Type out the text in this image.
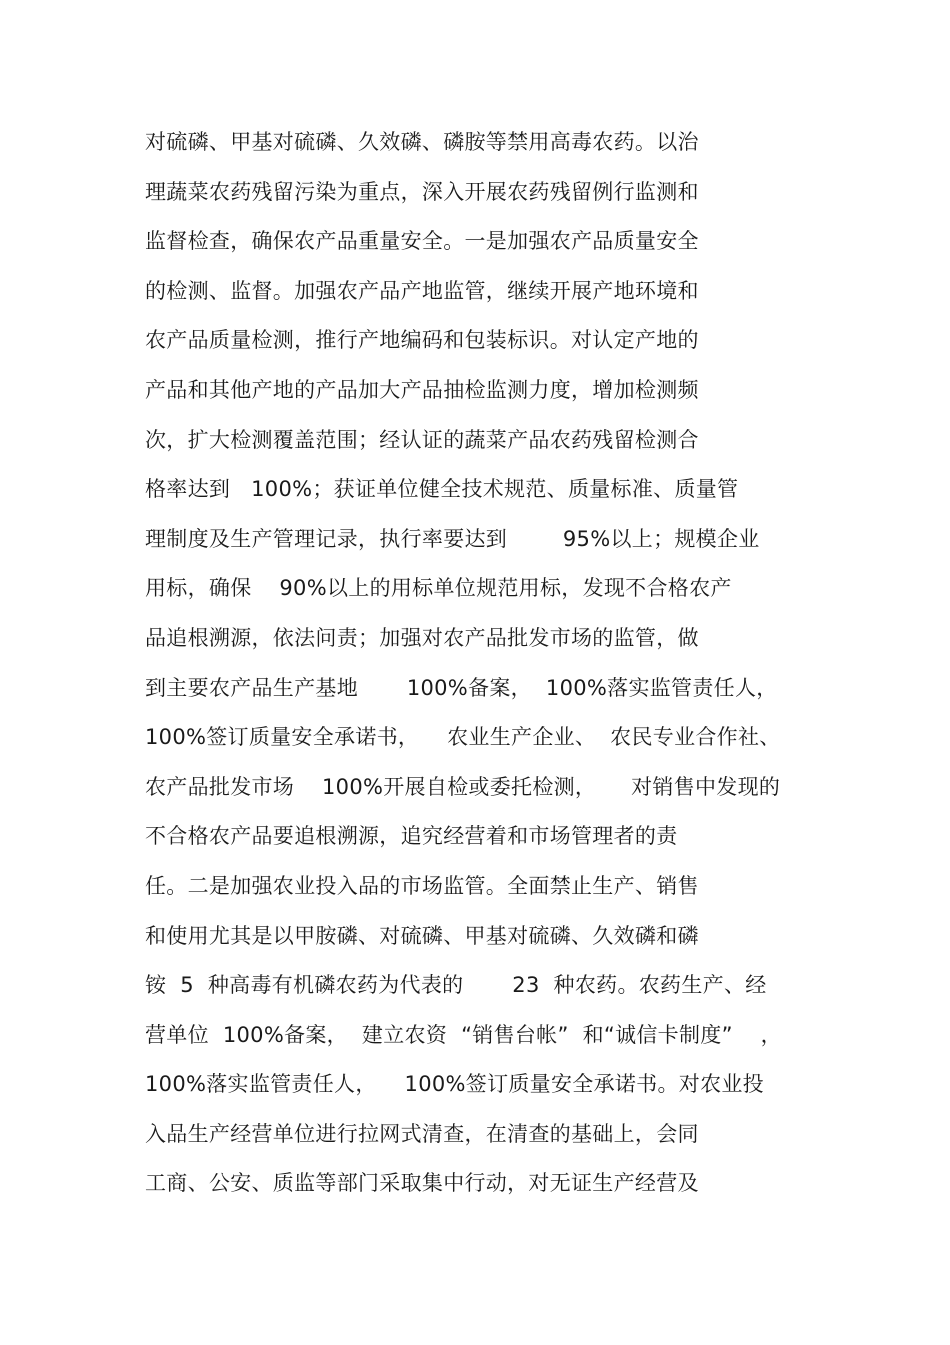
对硫磷、甲基对硫磷、久效磷、磷胺等禁用高毒农药。以治
理蔬菜农药残留污染为重点，深入开展农药残留例行监测和
监督检查，确保农产品重量安全。一是加强农产品质量安全
的检测、监督。加强农产品产地监管，继续开展产地环境和
农产品质量检测，推行产地编码和包装标识。对认定产地的
产品和其他产地的产品加大产品抽检监测力度，增加检测频
次，扩大检测覆盖范围；经认证的蔬菜产品农药残留检测合
格率达到   100%；获证单位健全技术规范、质量标准、质量管
理制度及生产管理记录，执行率要达到        95%以上；规模企业
用标，确保    90%以上的用标单位规范用标，发现不合格农产
品追根溯源，依法问责；加强对农产品批发市场的监管，做
到主要农产品生产基地       100%备案，  100%落实监管责任人，
100%签订质量安全承诺书，    农业生产企业、  农民专业合作社、
农产品批发市场    100%开展自检或委托检测，     对销售中发现的
不合格农产品要追根溯源，追究经营着和市场管理者的责
任。二是加强农业投入品的市场监管。全面禁止生产、销售
和使用尤其是以甲胺磷、对硫磷、甲基对硫磷、久效磷和磷
铵  5  种高毒有机磷农药为代表的       23  种农药。农药生产、经
营单位  100%备案，  建立农资  “销售台帐”  和“诚信卡制度”    ，
100%落实监管责任人，    100%签订质量安全承诺书。对农业投
入品生产经营单位进行拉网式清查，在清查的基础上，会同
工商、公安、质监等部门采取集中行动，对无证生产经营及
